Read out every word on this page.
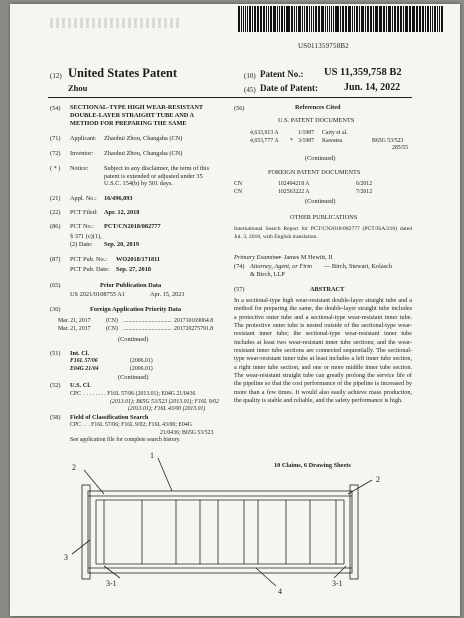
US011359758B2
(12) United States Patent
Zhou
(10) Patent No.: US 11,359,758 B2
(45) Date of Patent:	Jun. 14, 2022
(54) SECTIONAL-TYPE HIGH WEAR-RESISTANT
DOUBLE-LAYER STRAIGHT TUBE AND A
METHOD FOR PREPARING THE SAME
(71) Applicant: Zhaohui Zhou, Changsha (CN)
(72) Inventor: Zhaohui Zhou, Changsha (CN)
( * ) Notice: Subject to any disclaimer, the term of this
patent is extended or adjusted under 35
U.S.C. 154(b) by 501 days.
(21) Appl. No.: 16/496,093
(22) PCT Filed: Apr. 12, 2018
(86) PCT No.: PCT/CN2018/082777
§ 371 (c)(1),
(2) Date: Sep. 20, 2019
(87) PCT Pub. No.: WO2018/171811
PCT Pub. Date: Sep. 27, 2018
(65)	Prior Publication Data
US 2021/0108755 A1	Apr. 15, 2021
(30)	Foreign Application Priority Data
Mar. 21, 2017	(CN) ................................. 201710169064.8
Mar. 21, 2017	(CN) ................................. 201720275791.8
(Continued)
(51) Int. Cl.
F16L 57/06	(2006.01)
E04G 21/04	(2006.01)
(Continued)
(52) U.S. Cl.
CPC . . . . . . . . F16L 57/06 (2013.01); E04G 21/0436
(2013.01); B65G 53/523 (2013.01); F16L 9/02
(2013.01); F16L 43/00 (2013.01)
(58) Field of Classification Search
CPC . . . F16L 57/06; F16L 9/02; F16L 43/00; E04G
21/0436; B65G 53/523
See application file for complete search history.
(56)	References Cited
U.S. PATENT DOCUMENTS
4,633,913 A	1/1987 Carty et al.
4,653,777 A * 3/1987 Kawatsu	B65G 53/523
285/55
(Continued)
FOREIGN PATENT DOCUMENTS
CN	102494218 A	6/2012
CN	102563222 A	7/2012
(Continued)
OTHER PUBLICATIONS
International Search Report for PCT/CN2018/082777 (PCT/ISA/210) dated Jul. 3, 2018, with English translation.
Primary Examiner
— James M Hewitt, II
(74) Attorney, Agent, or Firm — Birch, Stewart, Kolasch
& Birch, LLP
(57)	ABSTRACT
In a sectional-type high wear-resistant double-layer straight tube and a method for preparing the same, the double-layer straight tube includes a protective outer tube and a sectional-type wear-resistant inner tube. The protective outer tube is nested outside of the sectional-type wear-resistant inner tube; the sectional-type wear-resistant inner tube includes at least two wear-resistant inner tube sections; and the wear-resistant inner tube sections are connected sequentially. The sectional-type wear-resistant inner tube at least includes a left inner tube section, a right inner tube section, and one or more middle inner tube section. The wear-resistant straight tube can greatly prolong the service life of the pipeline so that the cost performance of the pipeline is increased by more than a few times. It would also easily achieve mass production, the quality is stable and reliable, and the safety performance is high.
10 Claims, 6 Drawing Sheets
1
2
2
3
3-1	3-1
4
